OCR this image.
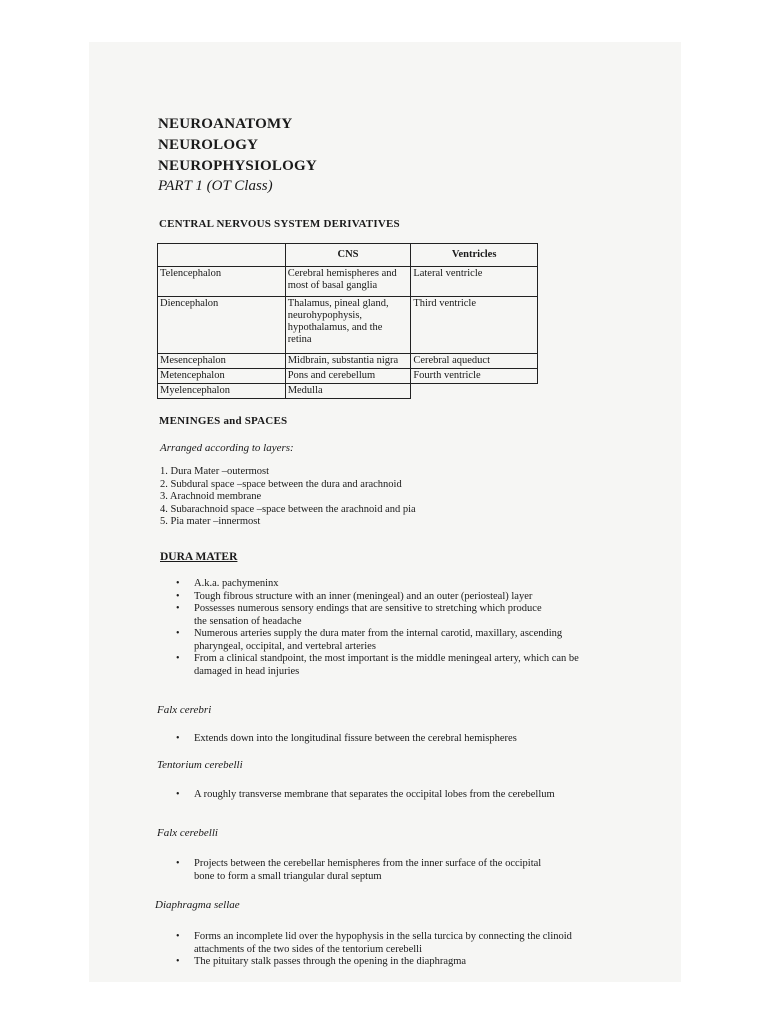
NEUROANATOMY
NEUROLOGY
NEUROPHYSIOLOGY
PART 1 (OT Class)
CENTRAL NERVOUS SYSTEM DERIVATIVES
	CNS	Ventricles
Telencephalon	Cerebral hemispheres and most of basal ganglia	Lateral ventricle
Diencephalon	Thalamus, pineal gland, neurohypophysis, hypothalamus, and the retina	Third ventricle
Mesencephalon	Midbrain, substantia nigra	Cerebral aqueduct
Metencephalon	Pons and cerebellum	Fourth ventricle
Myelencephalon	Medulla	
MENINGES and SPACES
Arranged according to layers:
1. Dura Mater –outermost
2. Subdural space –space between the dura and arachnoid
3. Arachnoid membrane
4. Subarachnoid space –space between the arachnoid and pia
5. Pia mater –innermost
DURA MATER
• A.k.a. pachymeninx
• Tough fibrous structure with an inner (meningeal) and an outer (periosteal) layer
• Possesses numerous sensory endings that are sensitive to stretching which produce the sensation of headache
• Numerous arteries supply the dura mater from the internal carotid, maxillary, ascending pharyngeal, occipital, and vertebral arteries
• From a clinical standpoint, the most important is the middle meningeal artery, which can be damaged in head injuries
Falx cerebri
• Extends down into the longitudinal fissure between the cerebral hemispheres
Tentorium cerebelli
• A roughly transverse membrane that separates the occipital lobes from the cerebellum
Falx cerebelli
• Projects between the cerebellar hemispheres from the inner surface of the occipital bone to form a small triangular dural septum
Diaphragma sellae
• Forms an incomplete lid over the hypophysis in the sella turcica by connecting the clinoid attachments of the two sides of the tentorium cerebelli
• The pituitary stalk passes through the opening in the diaphragma
